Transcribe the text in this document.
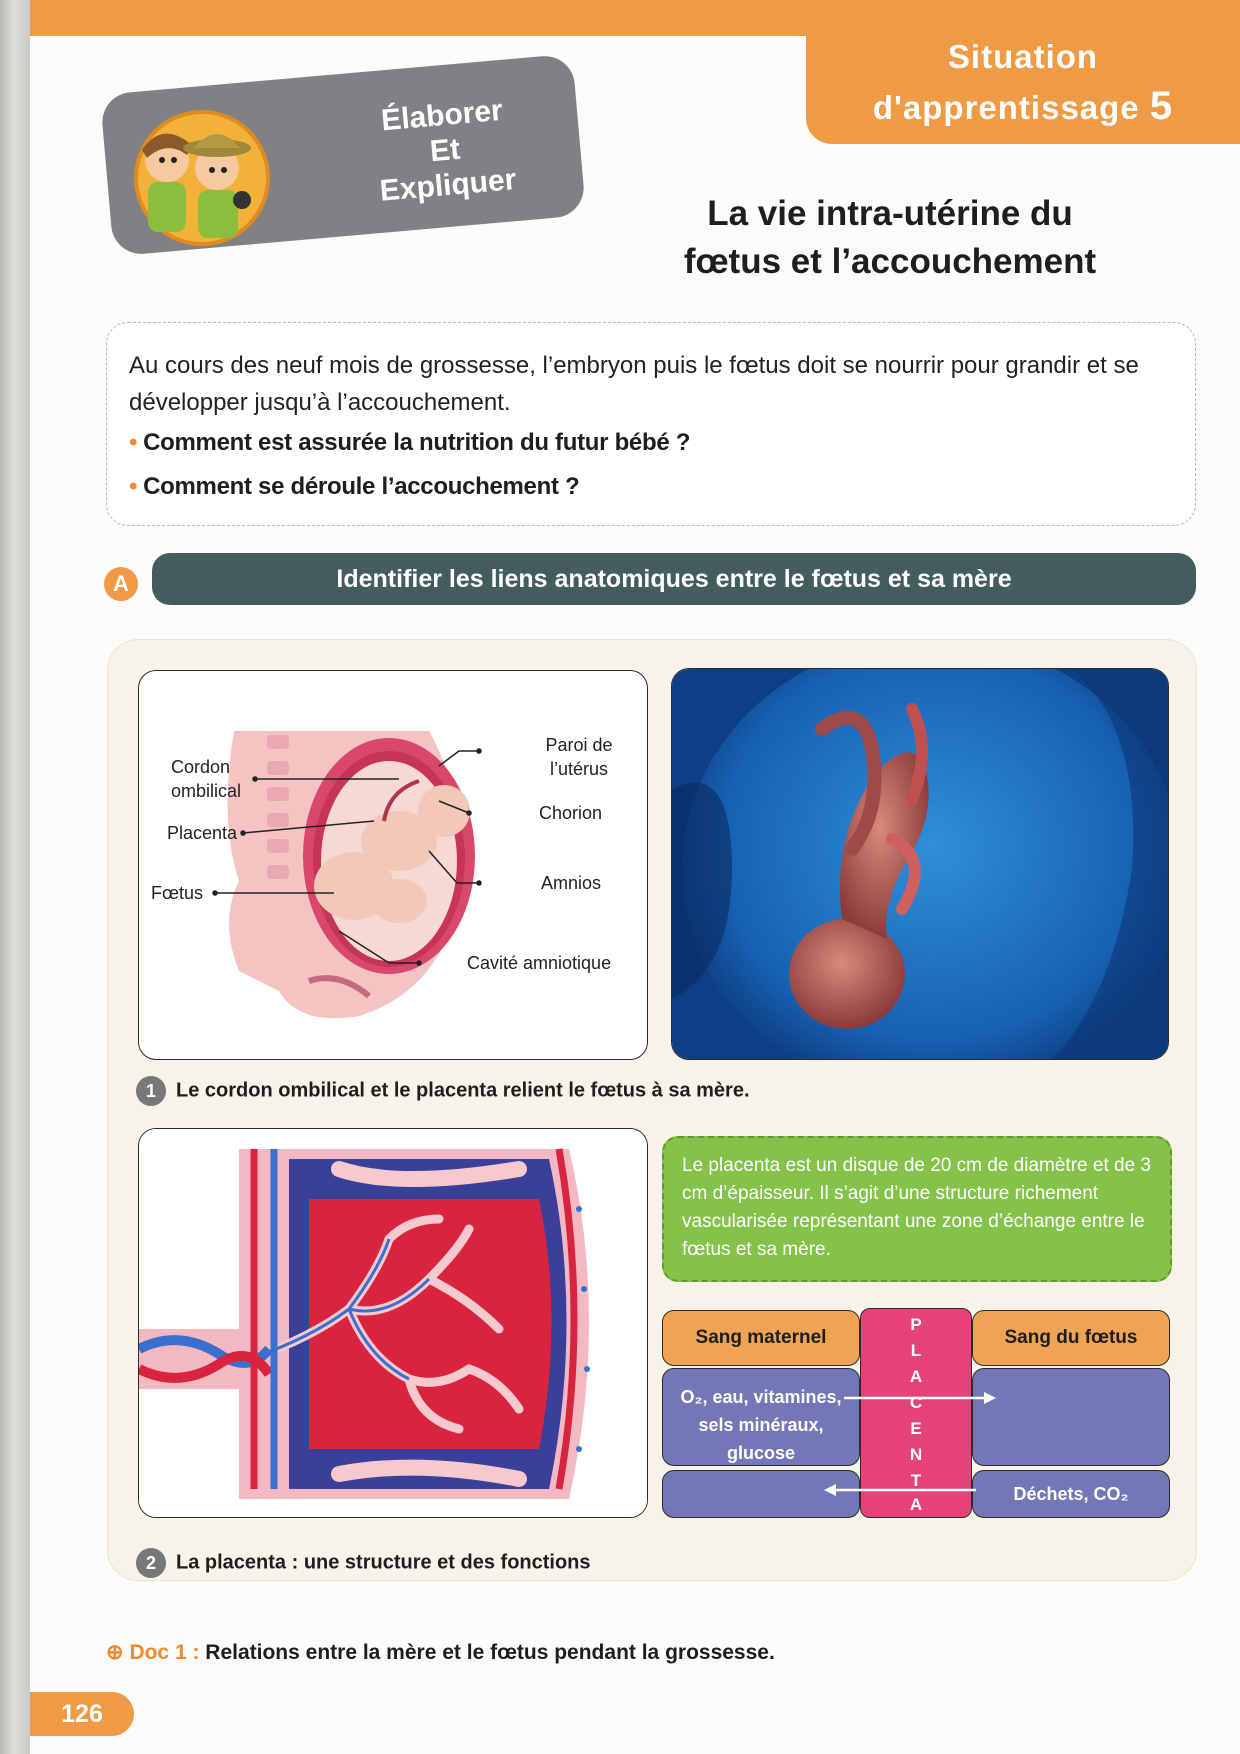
Situation
d'apprentissage 5
Élaborer
Et
Expliquer
La vie intra-utérine du
fœtus et l’accouchement
Au cours des neuf mois de grossesse, l’embryon puis le fœtus doit se nourrir pour grandir et se développer jusqu’à l’accouchement.
• Comment est assurée la nutrition du futur bébé ?
• Comment se déroule l’accouchement ?
A	Identifier les liens anatomiques entre le fœtus et sa mère
Cordon
ombilical
Placenta
Fœtus
Paroi de
l’utérus
Chorion
Amnios
Cavité amniotique
1 Le cordon ombilical et le placenta relient le fœtus à sa mère.
Le placenta est un disque de 20 cm de diamètre et de 3 cm d’épaisseur. Il s’agit d’une structure richement vascularisée représentant une zone d’échange entre le fœtus et sa mère.
Sang maternel	Sang du fœtus
O₂, eau, vitamines, sels minéraux, glucose
Déchets, CO₂
P
L
A
C
E
N
T
A
2 La placenta : une structure et des fonctions
⊕ Doc 1 : Relations entre la mère et le fœtus pendant la grossesse.
126
